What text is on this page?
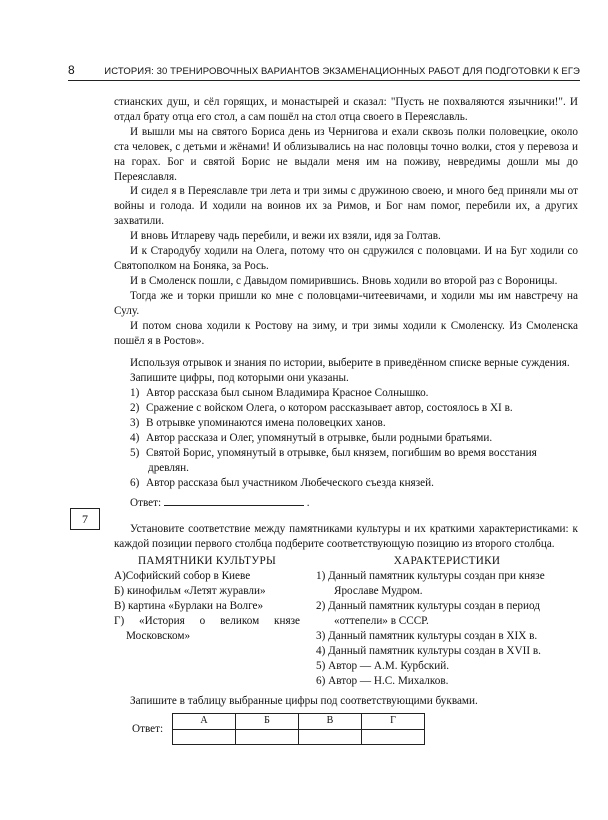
8	ИСТОРИЯ: 30 ТРЕНИРОВОЧНЫХ ВАРИАНТОВ ЭКЗАМЕНАЦИОННЫХ РАБОТ ДЛЯ ПОДГОТОВКИ К ЕГЭ
7

стианских душ, и сёл горящих, и монастырей и сказал: "Пусть не похваляются язычники!". И отдал брату отца его стол, а сам пошёл на стол отца своего в Переяславль.

И вышли мы на святого Бориса день из Чернигова и ехали сквозь полки половецкие, около ста человек, с детьми и жёнами! И облизывались на нас половцы точно волки, стоя у перевоза и на горах. Бог и святой Борис не выдали меня им на поживу, невредимы дошли мы до Переяславля.

И сидел я в Переяславле три лета и три зимы с дружиною своею, и много бед приняли мы от войны и голода. И ходили на воинов их за Римов, и Бог нам помог, перебили их, а других захватили.

И вновь Итлареву чадь перебили, и вежи их взяли, идя за Голтав.

И к Стародубу ходили на Олега, потому что он сдружился с половцами. И на Буг ходили со Святополком на Боняка, за Рось.

И в Смоленск пошли, с Давыдом помирившись. Вновь ходили во второй раз с Вороницы.

Тогда же и торки пришли ко мне с половцами-читеевичами, и ходили мы им навстречу на Сулу.

И потом снова ходили к Ростову на зиму, и три зимы ходили к Смоленску. Из Смоленска пошёл я в Ростов».

Используя отрывок и знания по истории, выберите в приведённом списке верные суждения.

Запишите цифры, под которыми они указаны.

1) Автор рассказа был сыном Владимира Красное Солнышко.

2) Сражение с войском Олега, о котором рассказывает автор, состоялось в XI в.

3) В отрывке упоминаются имена половецких ханов.

4) Автор рассказа и Олег, упомянутый в отрывке, были родными братьями.

5) Святой Борис, упомянутый в отрывке, был князем, погибшим во время восстания древлян.

6) Автор рассказа был участником Любеческого съезда князей.

Ответ:	.

Установите соответствие между памятниками культуры и их краткими характеристиками: к каждой позиции первого столбца подберите соответствующую позицию из второго столбца.

ПАМЯТНИКИ КУЛЬТУРЫ

А)Софийский собор в Киеве

Б) кинофильм «Летят журавли»

В) картина «Бурлаки на Волге»

Г) «История о великом князе Московском»

ХАРАКТЕРИСТИКИ

1) Данный памятник культуры создан при князе Ярославе Мудром.

2) Данный памятник культуры создан в период «оттепели» в СССР.

3) Данный памятник культуры создан в XIX в.

4) Данный памятник культуры создан в XVII в.

5) Автор — А.М. Курбский.

6) Автор — Н.С. Михалков.

Запишите в таблицу выбранные цифры под соответствующими буквами.

Ответ:
А	Б	В	Г
